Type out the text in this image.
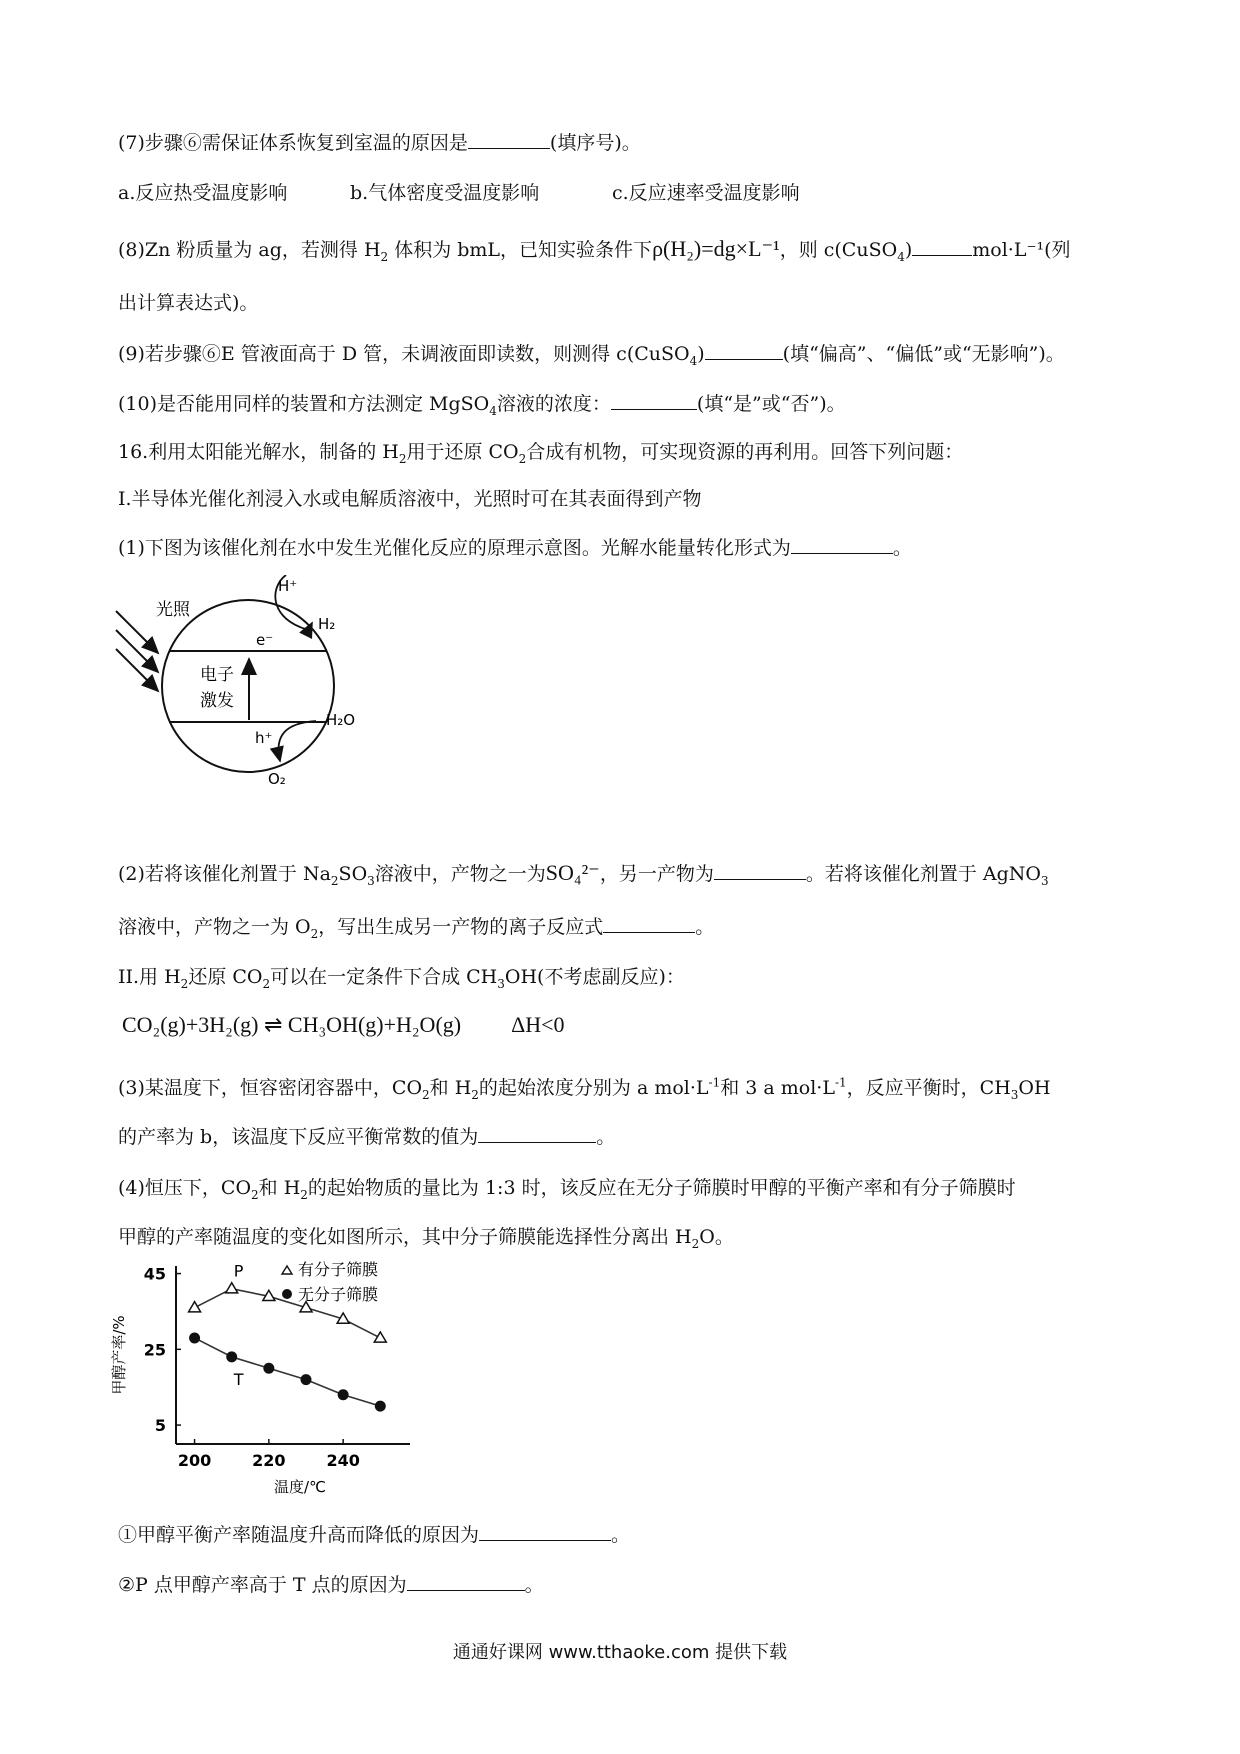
(7)步骤⑥需保证体系恢复到室温的原因是	(填序号)。
a.反应热受温度影响	b.气体密度受温度影响	c.反应速率受温度影响
(8)Zn 粉质量为 ag，若测得 $H_2$ 体积为 bmL，已知实验条件下ρ(H₂)=dg×L⁻¹，则 c(CuSO$_4$)	mol·L⁻¹(列
出计算表达式)。
(9)若步骤⑥E 管液面高于 D 管，未调液面即读数，则测得 c(CuSO$_4$)	(填“偏高”、“偏低”或“无影响”)。
(10)是否能用同样的装置和方法测定 MgSO$_4$溶液的浓度：	(填“是”或“否”)。
16.利用太阳能光解水，制备的 $H_2$用于还原 $CO_2$合成有机物，可实现资源的再利用。回答下列问题：
I.半导体光催化剂浸入水或电解质溶液中，光照时可在其表面得到产物
(1)下图为该催化剂在水中发生光催化反应的原理示意图。光解水能量转化形式为	。
光照
电子
激发
e⁻
h⁺
H⁺
H₂
H₂O
O₂
(2)若将该催化剂置于 $Na_2SO_3$溶液中，产物之一为SO₄²⁻，另一产物为	。若将该催化剂置于 AgNO$_3$
溶液中，产物之一为 $O_2$，写出生成另一产物的离子反应式	。
II.用 $H_2$还原 $CO_2$可以在一定条件下合成 $CH_3OH$(不考虑副反应)：
CO₂(g)+3H₂(g) ⇌ CH₃OH(g)+H₂O(g) ΔH<0
(3)某温度下，恒容密闭容器中，$CO_2$和 $H_2$的起始浓度分别为 a $mol\cdot L^{-1}$和 3 a $mol\cdot L^{-1}$，反应平衡时，$CH_3OH$
的产率为 b，该温度下反应平衡常数的值为	。
(4)恒压下，$CO_2$和 $H_2$的起始物质的量比为 1:3 时，该反应在无分子筛膜时甲醇的平衡产率和有分子筛膜时
甲醇的产率随温度的变化如图所示，其中分子筛膜能选择性分离出 $H_2O$。
温度/℃
甲醇产率/%
200	220	240
45
25
5
P
T
有分子筛膜
无分子筛膜
①甲醇平衡产率随温度升高而降低的原因为	。
②P 点甲醇产率高于 T 点的原因为	。
通通好课网 www.tthaoke.com 提供下载
